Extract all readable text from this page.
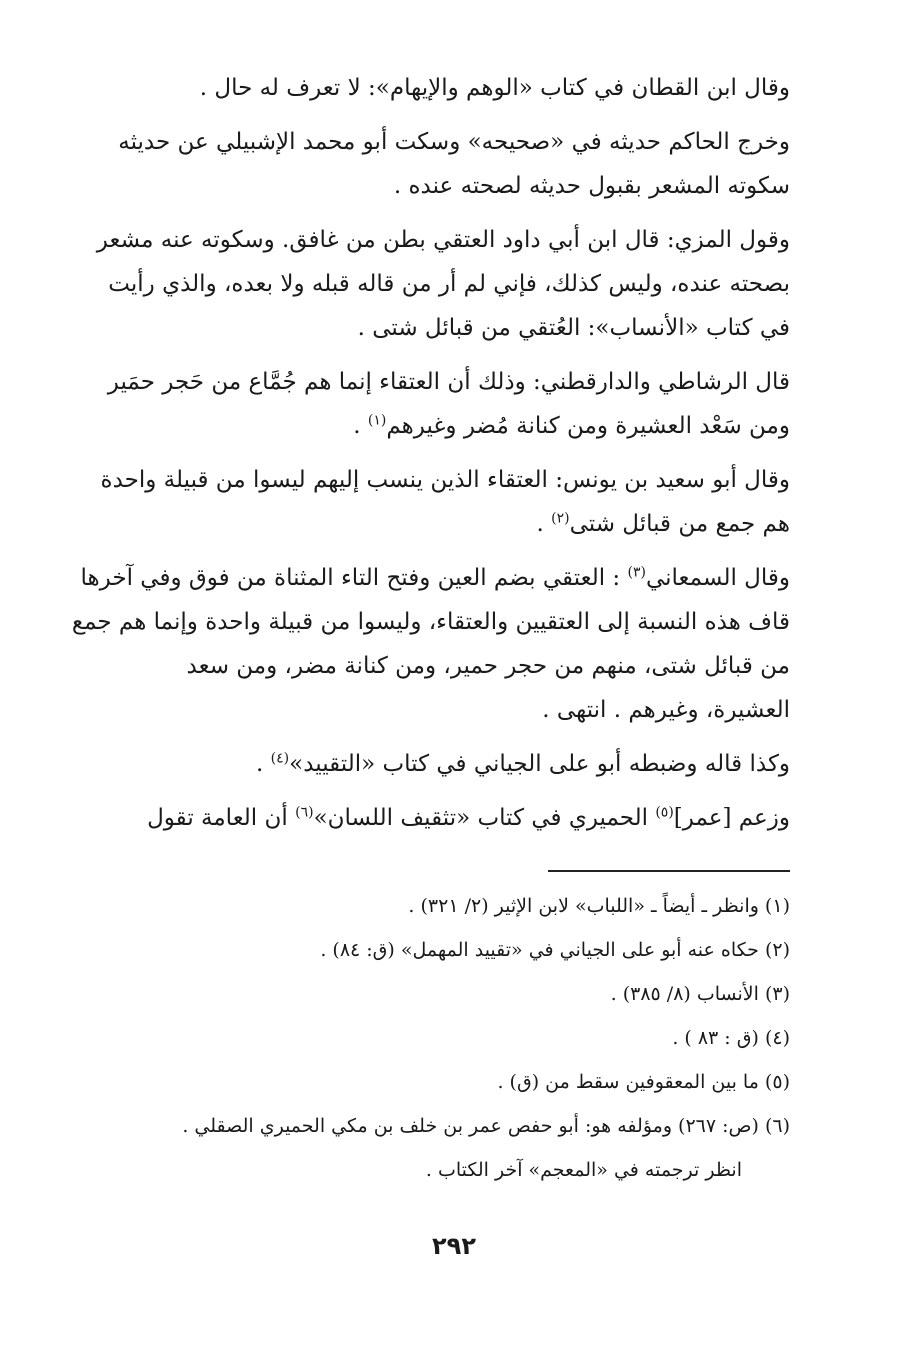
وقال ابن القطان في كتاب «الوهم والإيهام»: لا تعرف له حال .

وخرج الحاكم حديثه في «صحيحه» وسكت أبو محمد الإشبيلي عن حديثه
سكوته المشعر بقبول حديثه لصحته عنده .

وقول المزي: قال ابن أبي داود العتقي بطن من غافق. وسكوته عنه مشعر
بصحته عنده، وليس كذلك، فإني لم أر من قاله قبله ولا بعده، والذي رأيت
في كتاب «الأنساب»: العُتقي من قبائل شتى .

قال الرشاطي والدارقطني: وذلك أن العتقاء إنما هم جُمَّاع من حَجر حمَير
ومن سَعْد العشيرة ومن كنانة مُضر وغيرهم$^{(١)}$ .

وقال أبو سعيد بن يونس: العتقاء الذين ينسب إليهم ليسوا من قبيلة واحدة
هم جمع من قبائل شتى$^{(٢)}$ .

وقال السمعاني$^{(٣)}$ : العتقي بضم العين وفتح التاء المثناة من فوق وفي آخرها
قاف هذه النسبة إلى العتقيين والعتقاء، وليسوا من قبيلة واحدة وإنما هم جمع
من قبائل شتى، منهم من حجر حمير، ومن كنانة مضر، ومن سعد
العشيرة، وغيرهم . انتهى .

وكذا قاله وضبطه أبو على الجياني في كتاب «التقييد»$^{(٤)}$ .

وزعم [عمر]$^{(٥)}$ الحميري في كتاب «تثقيف اللسان»$^{(٦)}$ أن العامة تقول

(١) وانظر ـ أيضاً ـ «اللباب» لابن الإثير (٢/ ٣٢١) .
(٢) حكاه عنه أبو على الجياني في «تقييد المهمل» (ق: ٨٤) .
(٣) الأنساب (٨/ ٣٨٥) .
(٤) (ق : ٨٣ ) .
(٥) ما بين المعقوفين سقط من (ق) .
(٦) (ص: ٢٦٧) ومؤلفه هو: أبو حفص عمر بن خلف بن مكي الحميري الصقلي .
انظر ترجمته في «المعجم» آخر الكتاب .
٢٩٢
